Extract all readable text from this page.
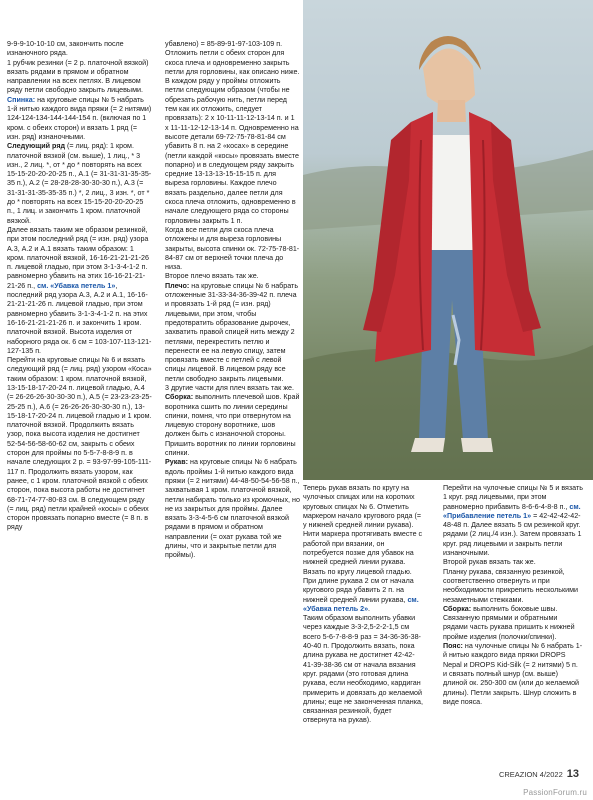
9-9-9-10-10-10 см, закончить после изнаночного ряда.
1 рубчик резинки (= 2 р. платочной вязкой) вязать рядами в прямом и обратном направлении на всех петлях. В лицевом ряду петли свободно закрыть лицевыми.
Спинка: на круговые спицы № 5 набрать 1-й нитью каждого вида пряжи (= 2 нитями) 124-124-134-144-144-154 п. (включая по 1 кром. с обеих сторон) и вязать 1 ряд (= изн. ряд) изнаночными.
Следующий ряд (= лиц. ряд): 1 кром. платочной вязкой (см. выше), 1 лиц., * 3 изн., 2 лиц. *, от * до * повторять на всех 15-15-20-20-20-25 п., А.1 (= 31-31-31-35-35-35 п.), А.2 (= 28-28-28-30-30-30 п.), А.3 (= 31-31-31-35-35-35 п.) *, 2 лиц., 3 изн. *, от * до * повторять на всех 15-15-20-20-20-25 п., 1 лиц. и закончить 1 кром. платочной вязкой.
Далее вязать таким же образом резинкой, при этом последний ряд (= изн. ряд) узора А.3, А.2 и А.1 вязать таким образом: 1 кром. платочной вязкой, 16-16-21-21-21-26 п. лицевой гладью, при этом 3-1-3-4-1-2 п. равномерно убавить на этих 16-16-21-21-21-26 п., см. «Убавка петель 1», последний ряд узора А.3, А.2 и А.1, 16-16-21-21-21-26 п. лицевой гладью, при этом равномерно убавить 3-1-3-4-1-2 п. на этих 16-16-21-21-21-26 п. и закончить 1 кром. платочной вязкой. Высота изделия от наборного ряда ок. 6 см = 103-107-113-121-127-135 п.
Перейти на круговые спицы № 6 и вязать следующий ряд (= лиц. ряд) узором «Коса» таким образом: 1 кром. платочной вязкой, 13-15-18-17-20-24 п. лицевой гладью, А.4 (= 26-26-26-30-30-30 п.), А.5 (= 23-23-23-25-25-25 п.), А.6 (= 26-26-26-30-30-30 п.), 13-15-18-17-20-24 п. лицевой гладью и 1 кром. платочной вязкой. Продолжить вязать узор, пока высота изделия не достигнет 52-54-56-58-60-62 см, закрыть с обеих сторон для проймы по 5-5-7-8-8-9 п. в начале следующих 2 р. = 93-97-99-105-111-117 п. Продолжить вязать узором, как ранее, с 1 кром. платочной вязкой с обеих сторон, пока высота работы не достигнет 68-71-74-77-80-83 см. В следующем ряду (= лиц. ряд) петли крайней «косы» с обеих сторон провязать попарно вместе (= 8 п. в ряду
убавлено) = 85-89-91-97-103-109 п.
Отложить петли с обеих сторон для скоса плеча и одновременно закрыть петли для горловины, как описано ниже.
В каждом ряду у проймы отложить петли следующим образом (чтобы не обрезать рабочую нить, петли перед тем как их отложить, следует провязать): 2 х 10-11-11-12-13-14 п. и 1 х 11-11-12-12-13-14 п. Одновременно на высоте детали 69-72-75-78-81-84 см убавить 8 п. на 2 «косах» в середине (петли каждой «косы» провязать вместе попарно) и в следующем ряду закрыть средние 13-13-13-15-15-15 п. для выреза горловины. Каждое плечо вязать раздельно, далее петли для скоса плеча отложить, одновременно в начале следующего ряда со стороны горловины закрыть 1 п.
Когда все петли для скоса плеча отложены и для выреза горловины закрыты, высота спинки ок. 72-75-78-81-84-87 см от верхней точки плеча до низа.
Второе плечо вязать так же.
Плечо: на круговые спицы № 6 набрать отложенные 31-33-34-36-39-42 п. плеча и провязать 1-й ряд (= изн. ряд) лицевыми, при этом, чтобы предотвратить образование дырочек, захватить правой спицей нить между 2 петлями, перекрестить петлю и перенести ее на левую спицу, затем провязать вместе с петлей с левой спицы лицевой. В лицевом ряду все петли свободно закрыть лицевыми.
3 другие части для плеч вязать так же.
Сборка: выполнить плечевой шов. Край воротника сшить по линии середины спинки, помня, что при отвернутом на лицевую сторону воротнике, шов должен быть с изнаночной стороны. Пришить воротник по линии горловины спинки.
Рукав: на круговые спицы № 6 набрать вдоль проймы 1-й нитью каждого вида пряжи (= 2 нитями) 44-48-50-54-56-58 п., захватывая 1 кром. платочной вязкой, петли набирать только из кромочных, но не из закрытых для проймы. Далее вязать 3-3-4-5-6 см платочной вязкой рядами в прямом и обратном направлении (= охат рукава той же длины, что и закрытые петли для проймы).
Теперь рукав вязать по кругу на чулочных спицах или на коротких круговых спицах № 6. Отметить маркером начало кругового ряда (= у нижней средней линии рукава). Нити маркера протягивать вместе с работой при вязании, он потребуется позже для убавок на нижней средней линии рукава.
Вязать по кругу лицевой гладью. При длине рукава 2 см от начала кругового ряда убавить 2 п. на нижней средней линии рукава, см. «Убавка петель 2».
Таким образом выполнить убавки через каждые 3-3-2,5-2-2-1,5 см всего 5-6-7-8-8-9 раз = 34-36-36-38-40-40 п. Продолжить вязать, пока длина рукава не достигнет 42-42-41-39-38-36 см от начала вязания круг. рядами (это готовая длина рукава, если необходимо, кардиган примерить и довязать до желаемой длины; еще не законченная планка, связанная резинкой, будет отвернута на рукав).
Перейти на чулочные спицы № 5 и вязать 1 круг. ряд лицевыми, при этом равномерно прибавить 8-6-6-4-8-8 п., см. «Прибавление петель 1» = 42-42-42-42-48-48 п. Далее вязать 5 см резинкой круг. рядами (2 лиц./4 изн.). Затем провязать 1 круг. ряд лицевыми и закрыть петли изнаночными.
Второй рукав вязать так же.
Планку рукава, связанную резинкой, соответственно отвернуть и при необходимости прикрепить несколькими незаметными стежками.
Сборка: выполнить боковые швы. Связанную прямыми и обратными рядами часть рукава пришить к нижней пройме изделия (полочки/спинки).
Пояс: на чулочные спицы № 6 набрать 1-й нитью каждого вида пряжи DROPS Nepal и DROPS Kid-Silk (= 2 нитями) 5 п. и связать полный шнур (см. выше) длиной ок. 250-300 см (или до желаемой длины). Петли закрыть. Шнур сложить в виде пояса.
CREAZION 4/2022 13
PassionForum.ru
